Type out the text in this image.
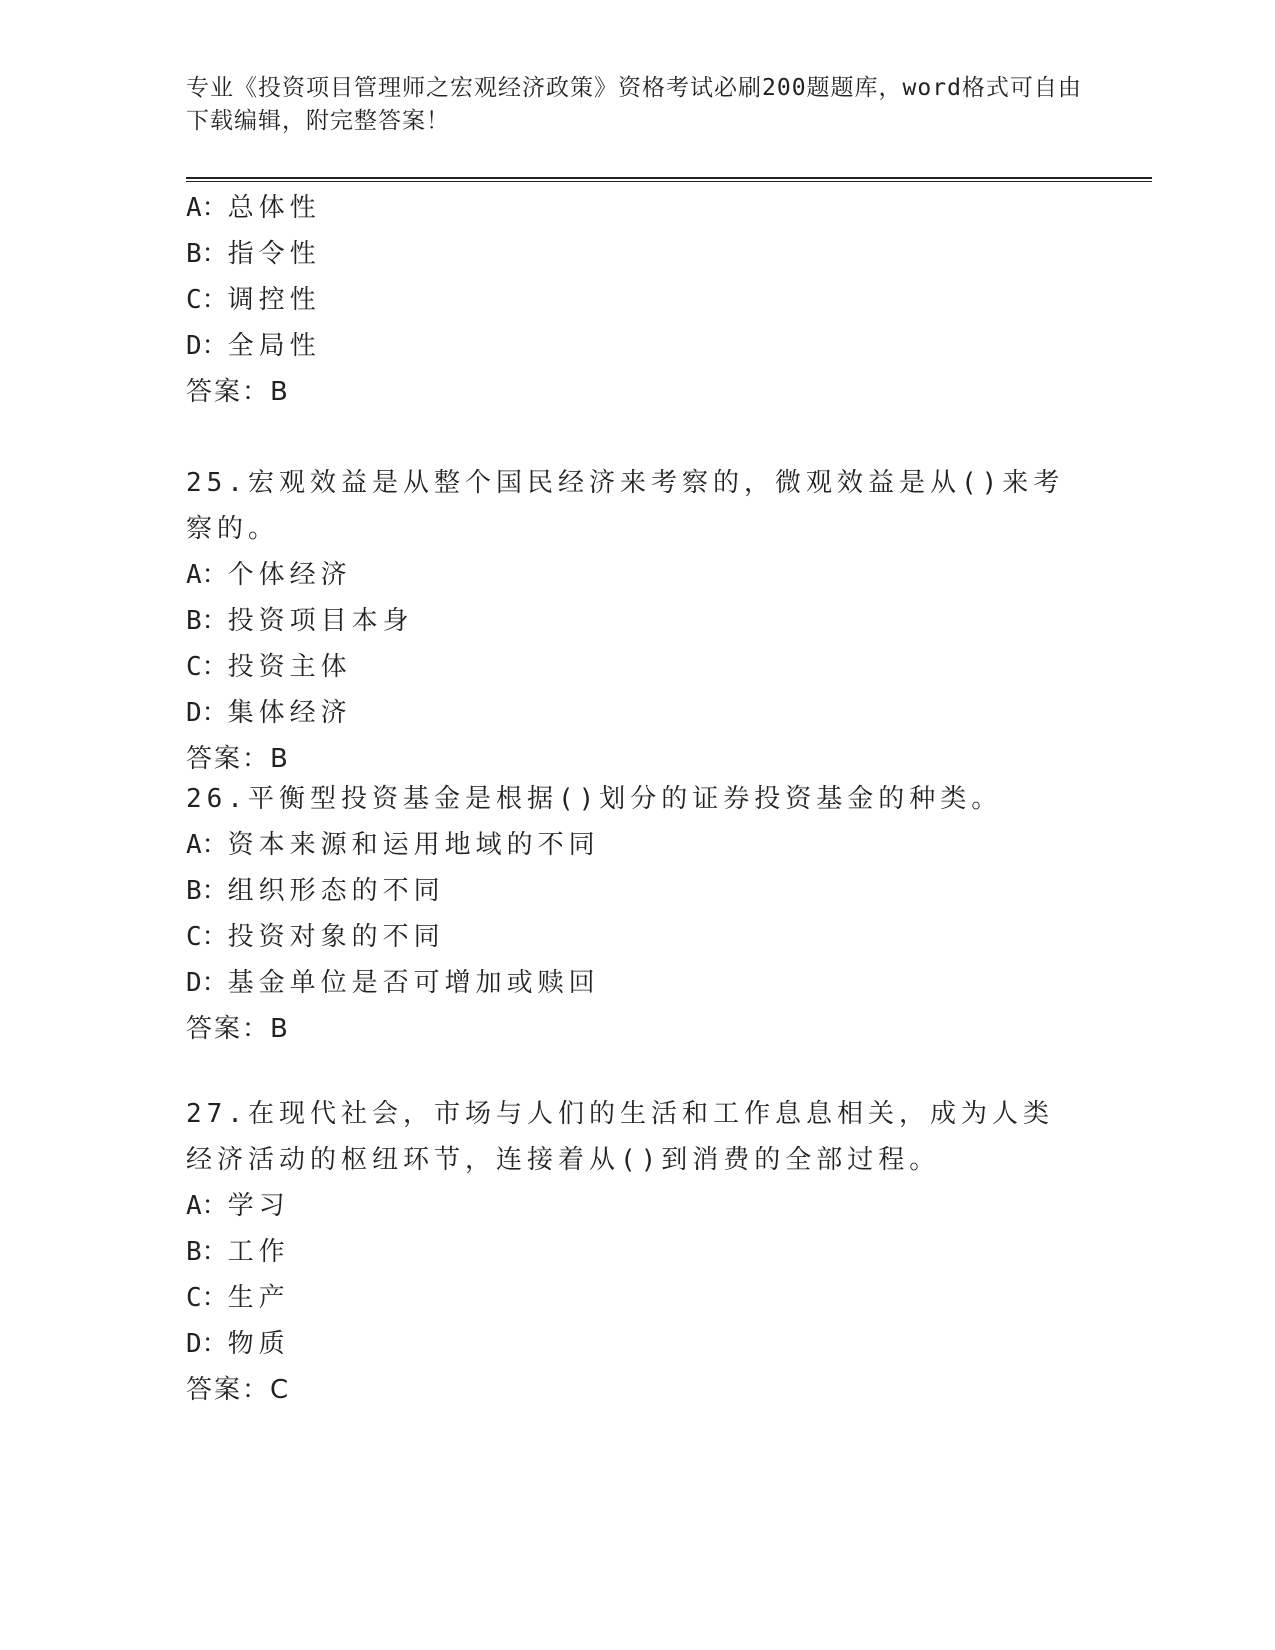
专业《投资项目管理师之宏观经济政策》资格考试必刷200题题库，word格式可自由下载编辑，附完整答案！
A：总体性
B：指令性
C：调控性
D：全局性
答案：B
25.宏观效益是从整个国民经济来考察的，微观效益是从()来考察的。
A：个体经济
B：投资项目本身
C：投资主体
D：集体经济
答案：B
26.平衡型投资基金是根据()划分的证券投资基金的种类。
A：资本来源和运用地域的不同
B：组织形态的不同
C：投资对象的不同
D：基金单位是否可增加或赎回
答案：B
27.在现代社会，市场与人们的生活和工作息息相关，成为人类经济活动的枢纽环节，连接着从()到消费的全部过程。
A：学习
B：工作
C：生产
D：物质
答案：C
